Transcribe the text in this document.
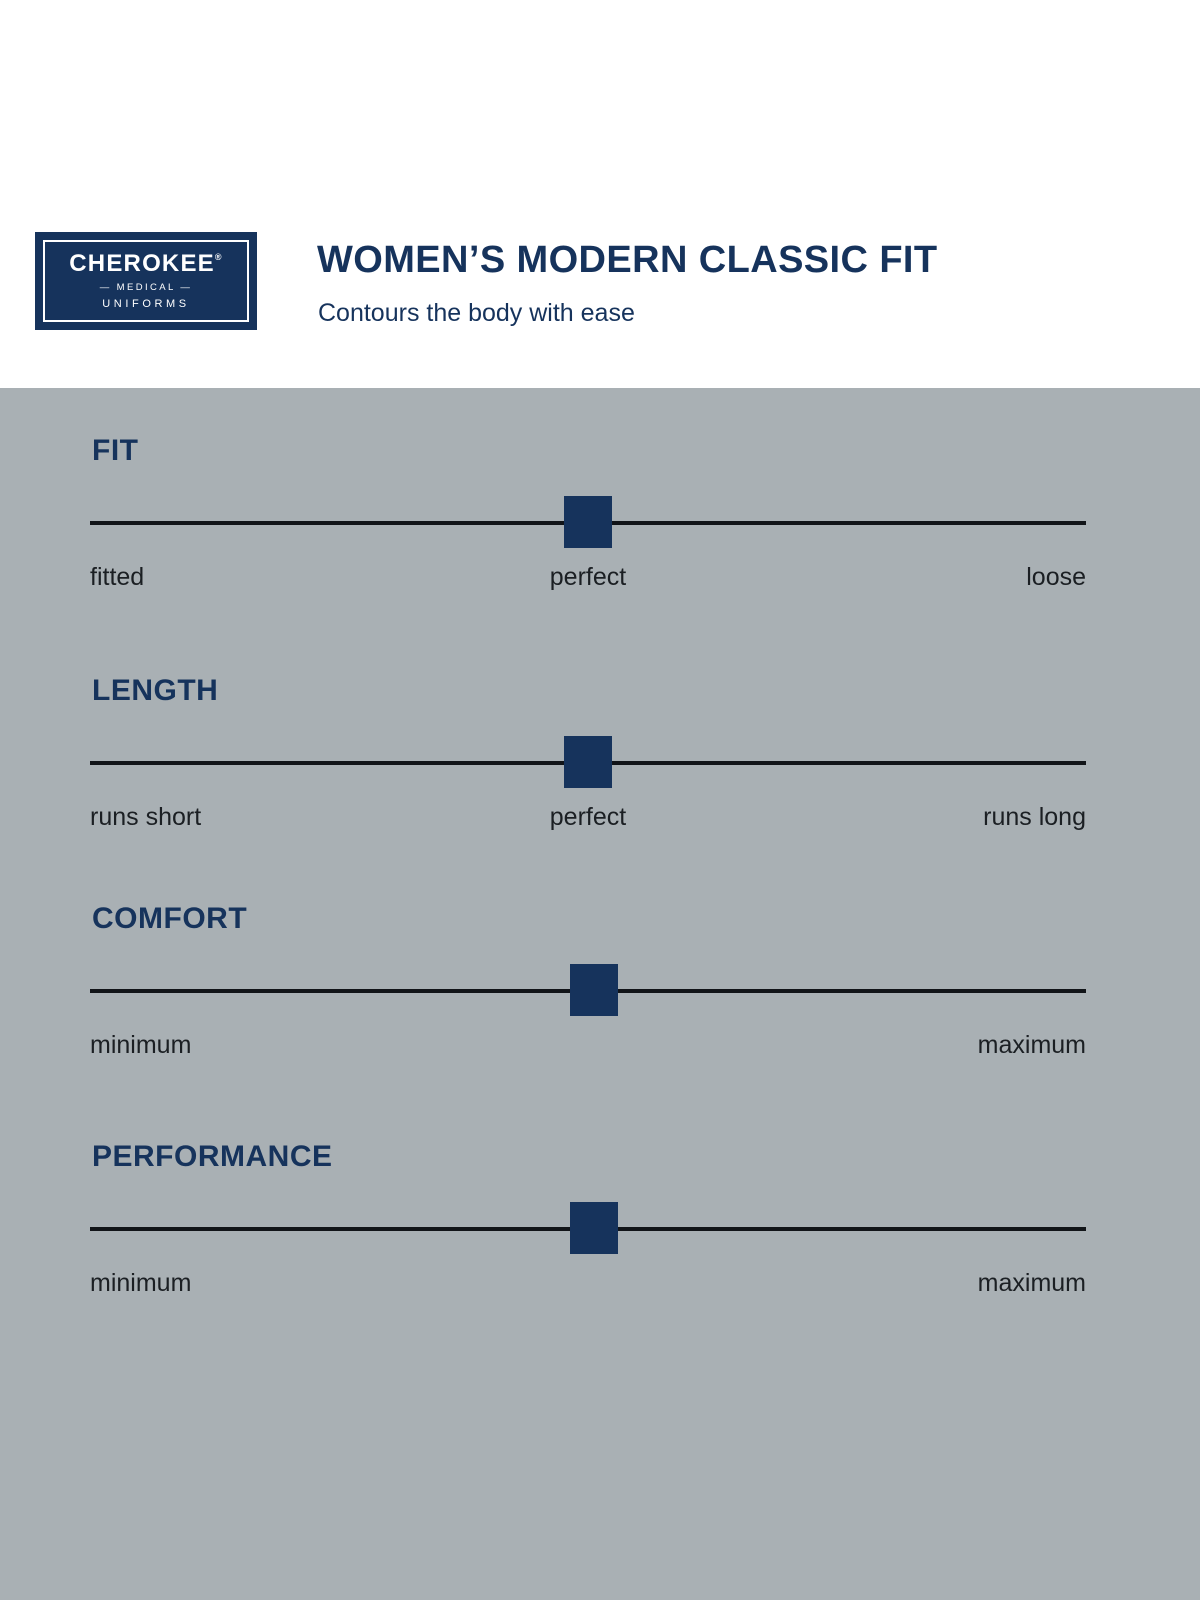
CHEROKEE®
— MEDICAL —
UNIFORMS
WOMEN’S MODERN CLASSIC FIT
Contours the body with ease
FIT
fitted	perfect	loose
LENGTH
runs short	perfect	runs long
COMFORT
minimum	maximum
PERFORMANCE
minimum	maximum
